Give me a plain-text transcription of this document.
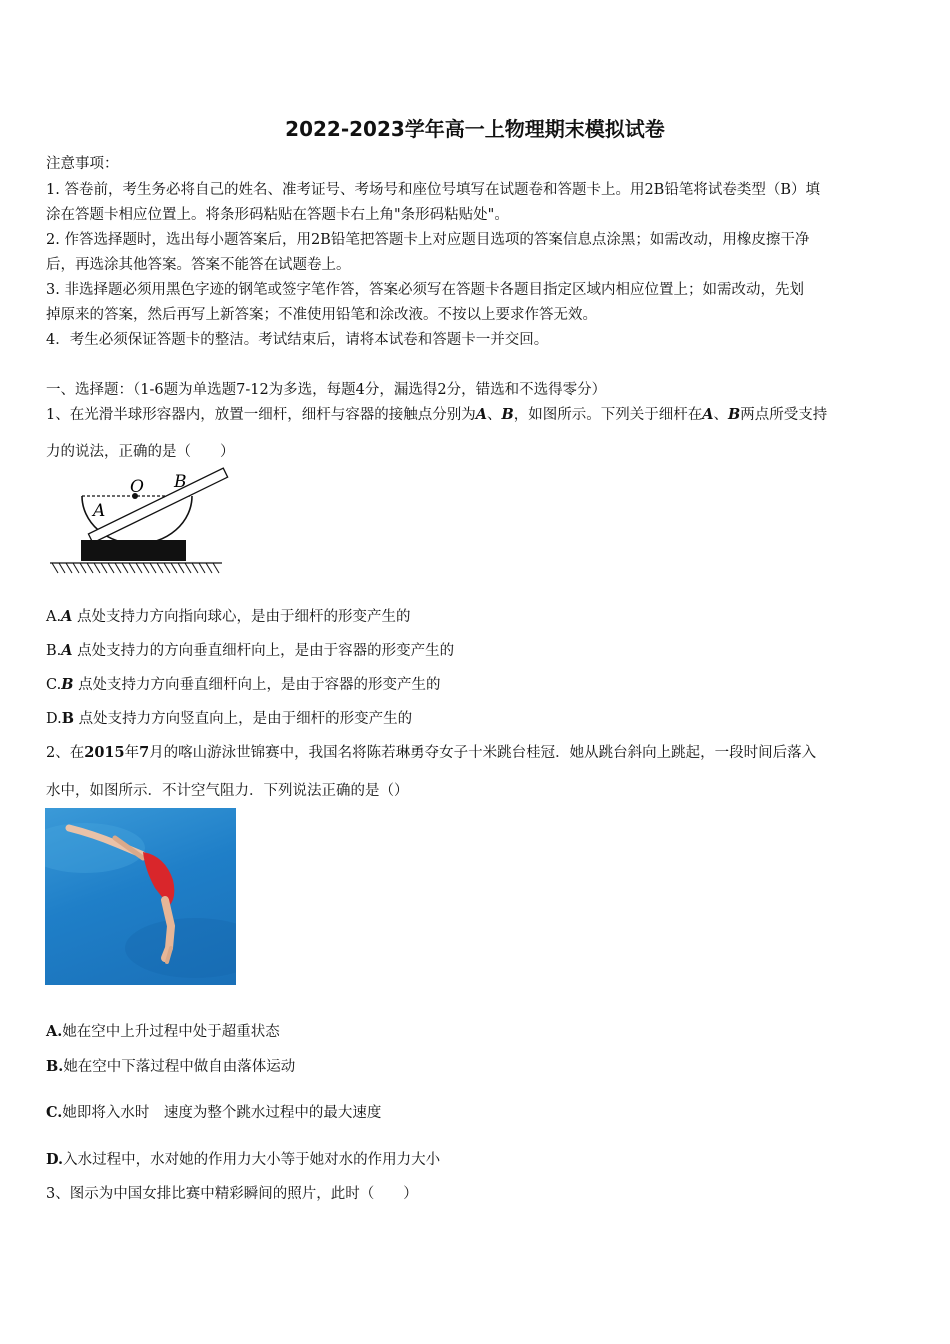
2022-2023学年高一上物理期末模拟试卷
注意事项：
1. 答卷前，考生务必将自己的姓名、准考证号、考场号和座位号填写在试题卷和答题卡上。用2B铅笔将试卷类型（B）填
涂在答题卡相应位置上。将条形码粘贴在答题卡右上角"条形码粘贴处"。
2. 作答选择题时，选出每小题答案后，用2B铅笔把答题卡上对应题目选项的答案信息点涂黑；如需改动，用橡皮擦干净
后，再选涂其他答案。答案不能答在试题卷上。
3. 非选择题必须用黑色字迹的钢笔或签字笔作答，答案必须写在答题卡各题目指定区域内相应位置上；如需改动，先划
掉原来的答案，然后再写上新答案；不准使用铅笔和涂改液。不按以上要求作答无效。
4．考生必须保证答题卡的整洁。考试结束后，请将本试卷和答题卡一并交回。
一、选择题：（1-6题为单选题7-12为多选，每题4分，漏选得2分，错选和不选得零分）
1、在光滑半球形容器内，放置一细杆，细杆与容器的接触点分别为A、B，如图所示。下列关于细杆在A、B两点所受支持
力的说法，正确的是（　　）
O B
A
A.A 点处支持力方向指向球心，是由于细杆的形变产生的
B.A 点处支持力的方向垂直细杆向上，是由于容器的形变产生的
C.B 点处支持力方向垂直细杆向上，是由于容器的形变产生的
D.B 点处支持力方向竖直向上，是由于细杆的形变产生的
2、在2015年7月的喀山游泳世锦赛中，我国名将陈若琳勇夺女子十米跳台桂冠．她从跳台斜向上跳起，一段时间后落入
水中，如图所示．不计空气阻力．下列说法正确的是（）
A.她在空中上升过程中处于超重状态
B.她在空中下落过程中做自由落体运动
C.她即将入水时　速度为整个跳水过程中的最大速度
D.入水过程中，水对她的作用力大小等于她对水的作用力大小
3、图示为中国女排比赛中精彩瞬间的照片，此时（　　）
